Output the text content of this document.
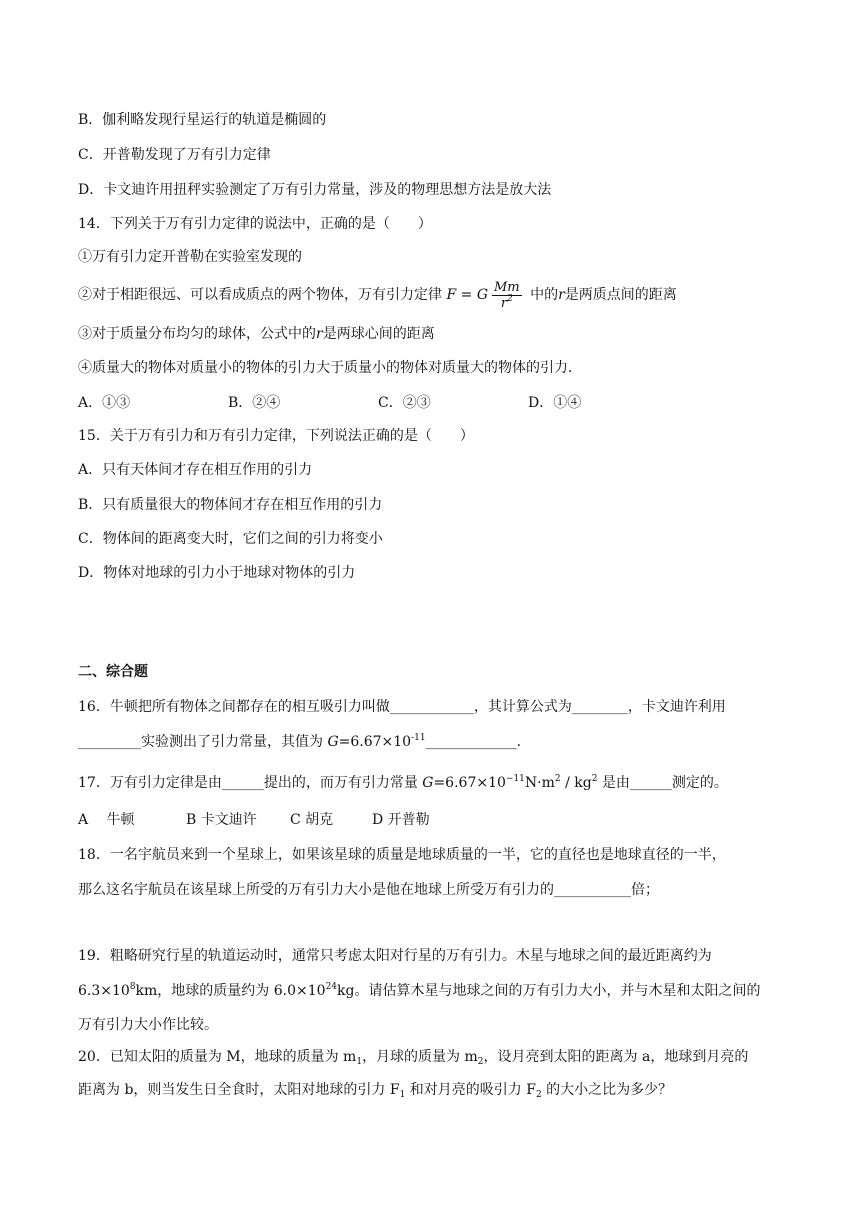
B．伽利略发现行星运行的轨道是椭圆的
C．开普勒发现了万有引力定律
D．卡文迪许用扭秤实验测定了万有引力常量，涉及的物理思想方法是放大法
14．下列关于万有引力定律的说法中，正确的是（　　）
①万有引力定开普勒在实验室发现的
②对于相距很远、可以看成质点的两个物体，万有引力定律 F = G $\frac{Mm}{r^2}$ 中的r是两质点间的距离
③对于质量分布均匀的球体，公式中的r是两球心间的距离
④质量大的物体对质量小的物体的引力大于质量小的物体对质量大的物体的引力．
A．①③	B．②④	C．②③	D．①④
15．关于万有引力和万有引力定律，下列说法正确的是（　　）
A．只有天体间才存在相互作用的引力
B．只有质量很大的物体间才存在相互作用的引力
C．物体间的距离变大时，它们之间的引力将变小
D．物体对地球的引力小于地球对物体的引力
二、综合题
16．牛顿把所有物体之间都存在的相互吸引力叫做____________，其计算公式为________，卡文迪许利用
_________实验测出了引力常量，其值为 $G=6.67\times 10^{-11}\_\_\_\_\_\_\_\_\_\_\_\_\_$．
17．万有引力定律是由______提出的，而万有引力常量 $G=6.67\times 10^{-11}N\cdot m^2 / kg^2$ 是由______测定的。
A　 牛顿	B 卡文迪许 C 胡克	D 开普勒
18．一名宇航员来到一个星球上，如果该星球的质量是地球质量的一半，它的直径也是地球直径的一半，
那么这名宇航员在该星球上所受的万有引力大小是他在地球上所受万有引力的___________倍；
19．粗略研究行星的轨道运动时，通常只考虑太阳对行星的万有引力。木星与地球之间的最近距离约为
$6.3\times 10^8km$，地球的质量约为 $6.0\times 10^{24}kg$。请估算木星与地球之间的万有引力大小，并与木星和太阳之间的
万有引力大小作比较。
20．已知太阳的质量为 M，地球的质量为 $m_1$，月球的质量为 $m_2$，设月亮到太阳的距离为 a，地球到月亮的
距离为 b，则当发生日全食时，太阳对地球的引力 $F_1$ 和对月亮的吸引力 $F_2$ 的大小之比为多少？
